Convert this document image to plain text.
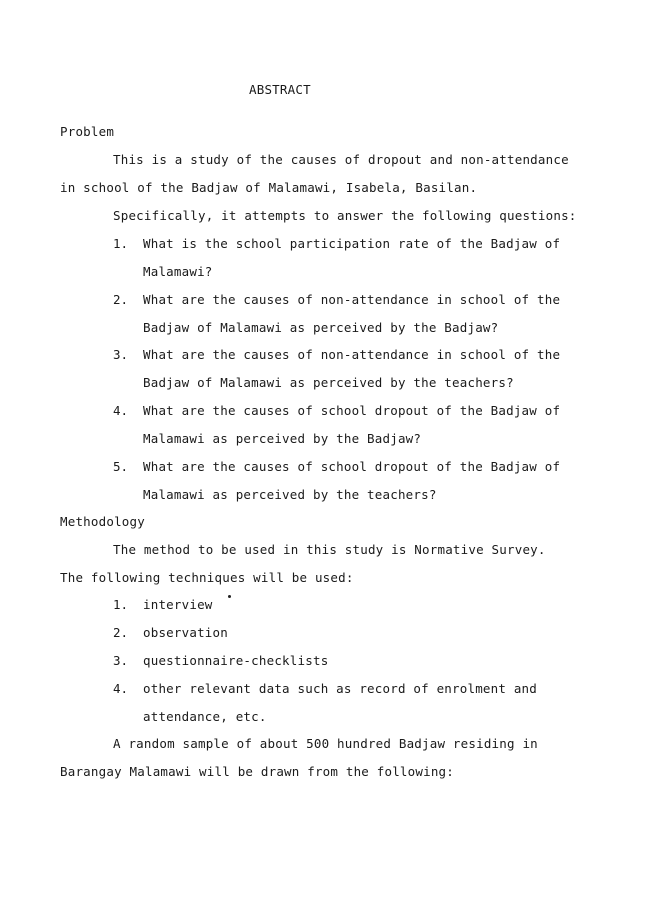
ABSTRACT
Problem
This is a study of the causes of dropout and non-attendance
in school of the Badjaw of Malamawi, Isabela, Basilan.
Specifically, it attempts to answer the following questions:
1. What is the school participation rate of the Badjaw of
Malamawi?
2. What are the causes of non-attendance in school of the
Badjaw of Malamawi as perceived by the Badjaw?
3. What are the causes of non-attendance in school of the
Badjaw of Malamawi as perceived by the teachers?
4. What are the causes of school dropout of the Badjaw of
Malamawi as perceived by the Badjaw?
5. What are the causes of school dropout of the Badjaw of
Malamawi as perceived by the teachers?
Methodology
The method to be used in this study is Normative Survey.
The following techniques will be used:
1. interview
2. observation
3. questionnaire-checklists
4. other relevant data such as record of enrolment and
attendance, etc.
A random sample of about 500 hundred Badjaw residing in
Barangay Malamawi will be drawn from the following:
